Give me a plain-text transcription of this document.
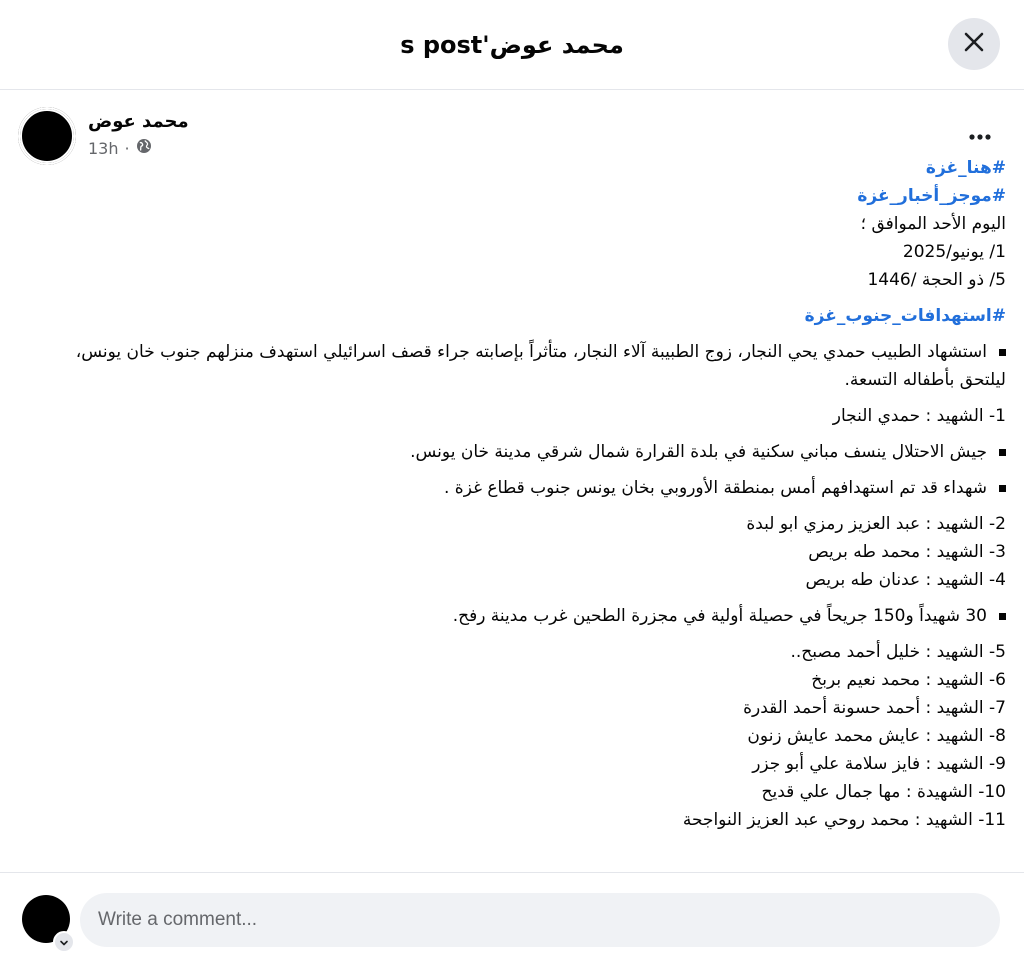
محمد عوض's post
محمد عوض
13h ·
#هنا_غزة
#موجز_أخبار_غزة
اليوم الأحد الموافق ؛
1/ يونيو/2025
5/ ذو الحجة /1446
#استهدافات_جنوب_غزة
استشهاد الطبيب حمدي يحي النجار، زوج الطبيبة آلاء النجار، متأثراً بإصابته جراء قصف اسرائيلي استهدف منزلهم جنوب خان يونس، ليلتحق بأطفاله التسعة.
1- الشهيد : حمدي النجار
جيش الاحتلال ينسف مباني سكنية في بلدة القرارة شمال شرقي مدينة خان يونس.
شهداء قد تم استهدافهم أمس بمنطقة الأوروبي بخان يونس جنوب قطاع غزة .
2- الشهيد : عبد العزيز رمزي ابو لبدة
3- الشهيد : محمد طه بريص
4- الشهيد : عدنان طه بريص
30 شهيداً و150 جريحاً في حصيلة أولية في مجزرة الطحين غرب مدينة رفح.
5- الشهيد : خليل أحمد مصبح..
6- الشهيد : محمد نعيم بربخ
7- الشهيد : أحمد حسونة أحمد القدرة
8- الشهيد : عايش محمد عايش زنون
9- الشهيد : فايز سلامة علي أبو جزر
10- الشهيدة : مها جمال علي قديح
11- الشهيد : محمد روحي عبد العزيز النواجحة
Write a comment...
